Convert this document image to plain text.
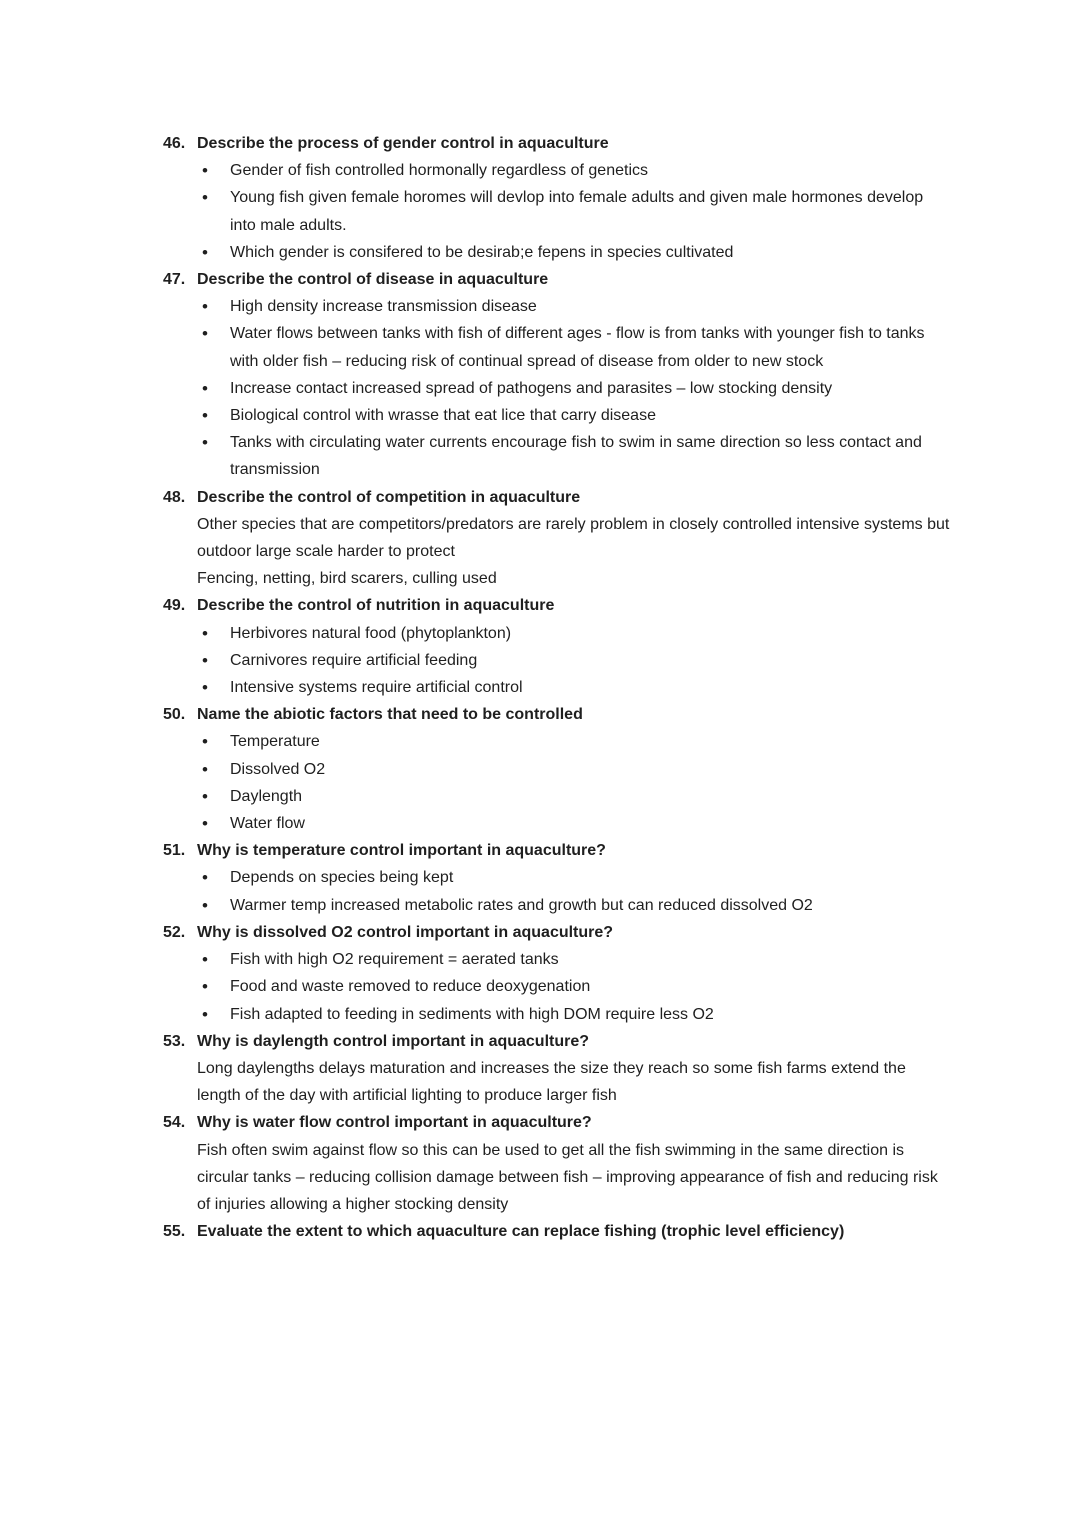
46. Describe the process of gender control in aquaculture
• Gender of fish controlled hormonally regardless of genetics
• Young fish given female horomes will devlop into female adults and given male hormones develop into male adults.
• Which gender is consifered to be desirab;e fepens in species cultivated
47. Describe the control of disease in aquaculture
• High density increase transmission disease
• Water flows between tanks with fish of different ages - flow is from tanks with younger fish to tanks with older fish – reducing risk of continual spread of disease from older to new stock
• Increase contact increased spread of pathogens and parasites – low stocking density
• Biological control with wrasse that eat lice that carry disease
• Tanks with circulating water currents encourage fish to swim in same direction so less contact and transmission
48. Describe the control of competition in aquaculture

Other species that are competitors/predators are rarely problem in closely controlled intensive systems but outdoor large scale harder to protect

Fencing, netting, bird scarers, culling used

49. Describe the control of nutrition in aquaculture
• Herbivores natural food (phytoplankton)
• Carnivores require artificial feeding
• Intensive systems require artificial control
50. Name the abiotic factors that need to be controlled
• Temperature
• Dissolved O2
• Daylength
• Water flow
51. Why is temperature control important in aquaculture?
• Depends on species being kept
• Warmer temp increased metabolic rates and growth but can reduced dissolved O2
52. Why is dissolved O2 control important in aquaculture?
• Fish with high O2 requirement = aerated tanks
• Food and waste removed to reduce deoxygenation
• Fish adapted to feeding in sediments with high DOM require less O2
53. Why is daylength control important in aquaculture?

Long daylengths delays maturation and increases the size they reach so some fish farms extend the length of the day with artificial lighting to produce larger fish

54. Why is water flow control important in aquaculture?

Fish often swim against flow so this can be used to get all the fish swimming in the same direction is circular tanks – reducing collision damage between fish – improving appearance of fish and reducing risk of injuries allowing a higher stocking density

55. Evaluate the extent to which aquaculture can replace fishing (trophic level efficiency)
